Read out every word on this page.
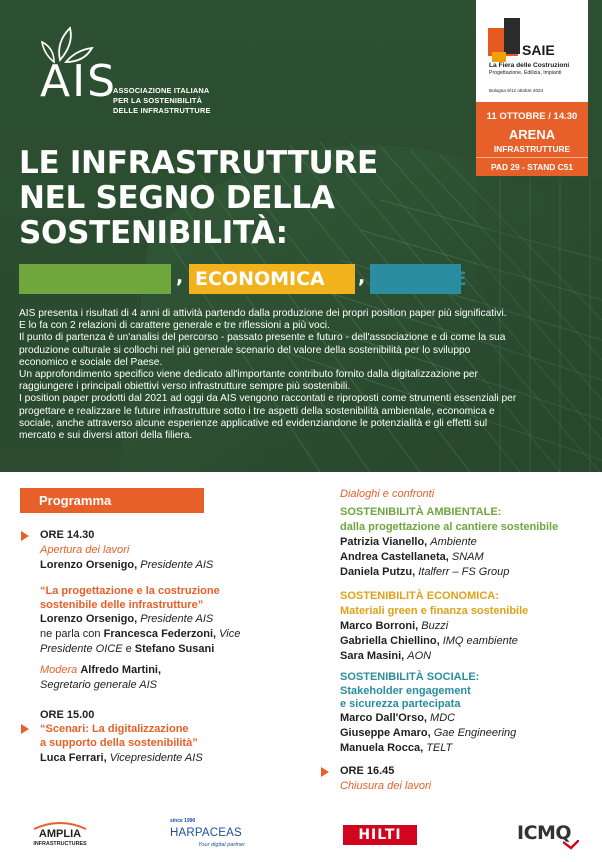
AIS
ASSOCIAZIONE ITALIANA
PER LA SOSTENIBILITÀ
DELLE INFRASTRUTTURE
SAIE
La Fiera delle Costruzioni
Progettazione, Edilizia, Impianti
Bologna 9/12 ottobre 2024
11 OTTOBRE / 14.30
ARENA
INFRASTRUTTURE
PAD 29 - STAND C51
LE INFRASTRUTTURE
NEL SEGNO DELLA
SOSTENIBILITÀ:
AMBIENTALE , ECONOMICA	, SOCIALE

AIS presenta i risultati di 4 anni di attività partendo dalla produzione dei propri position paper più significativi.

E lo fa con 2 relazioni di carattere generale e tre riflessioni a più voci.

Il punto di partenza è un'analisi del percorso - passato presente e futuro - dell'associazione e di come la sua

produzione culturale si collochi nel più generale scenario del valore della sostenibilità per lo sviluppo

economico e sociale del Paese.

Un approfondimento specifico viene dedicato all'importante contributo fornito dalla digitalizzazione per

raggiungere i principali obiettivi verso infrastrutture sempre più sostenibili.

I position paper prodotti dal 2021 ad oggi da AIS vengono raccontati e riproposti come strumenti essenziali per

progettare e realizzare le future infrastrutture sotto i tre aspetti della sostenibilità ambientale, economica e

sociale, anche attraverso alcune esperienze applicative ed evidenziandone le potenzialità e gli effetti sul

mercato e sui diversi attori della filiera.

Programma
ORE 14.30
Apertura dei lavori
Lorenzo Orsenigo, Presidente AIS
“La progettazione e la costruzione
sostenibile delle infrastrutture”
Lorenzo Orsenigo, Presidente AIS
ne parla con Francesca Federzoni, Vice
Presidente OICE e Stefano Susani
Modera Alfredo Martini,
Segretario generale AIS
ORE 15.00
“Scenari: La digitalizzazione
a supporto della sostenibilità”
Luca Ferrari, Vicepresidente AIS
Dialoghi e confronti
SOSTENIBILITÀ AMBIENTALE:
dalla progettazione al cantiere sostenibile
Patrizia Vianello, Ambiente
Andrea Castellaneta, SNAM
Daniela Putzu, Italferr – FS Group
SOSTENIBILITÀ ECONOMICA:
Materiali green e finanza sostenibile
Marco Borroni, Buzzi
Gabriella Chiellino, IMQ eambiente
Sara Masini, AON
SOSTENIBILITÀ SOCIALE:
Stakeholder engagement
e sicurezza partecipata
Marco Dall'Orso, MDC
Giuseppe Amaro, Gae Engineering
Manuela Rocca, TELT
ORE 16.45
Chiusura dei lavori
AMPLIA
INFRASTRUCTURES
since 1990
HARPACEAS
Your digital partner
HILTI	ICMQ
